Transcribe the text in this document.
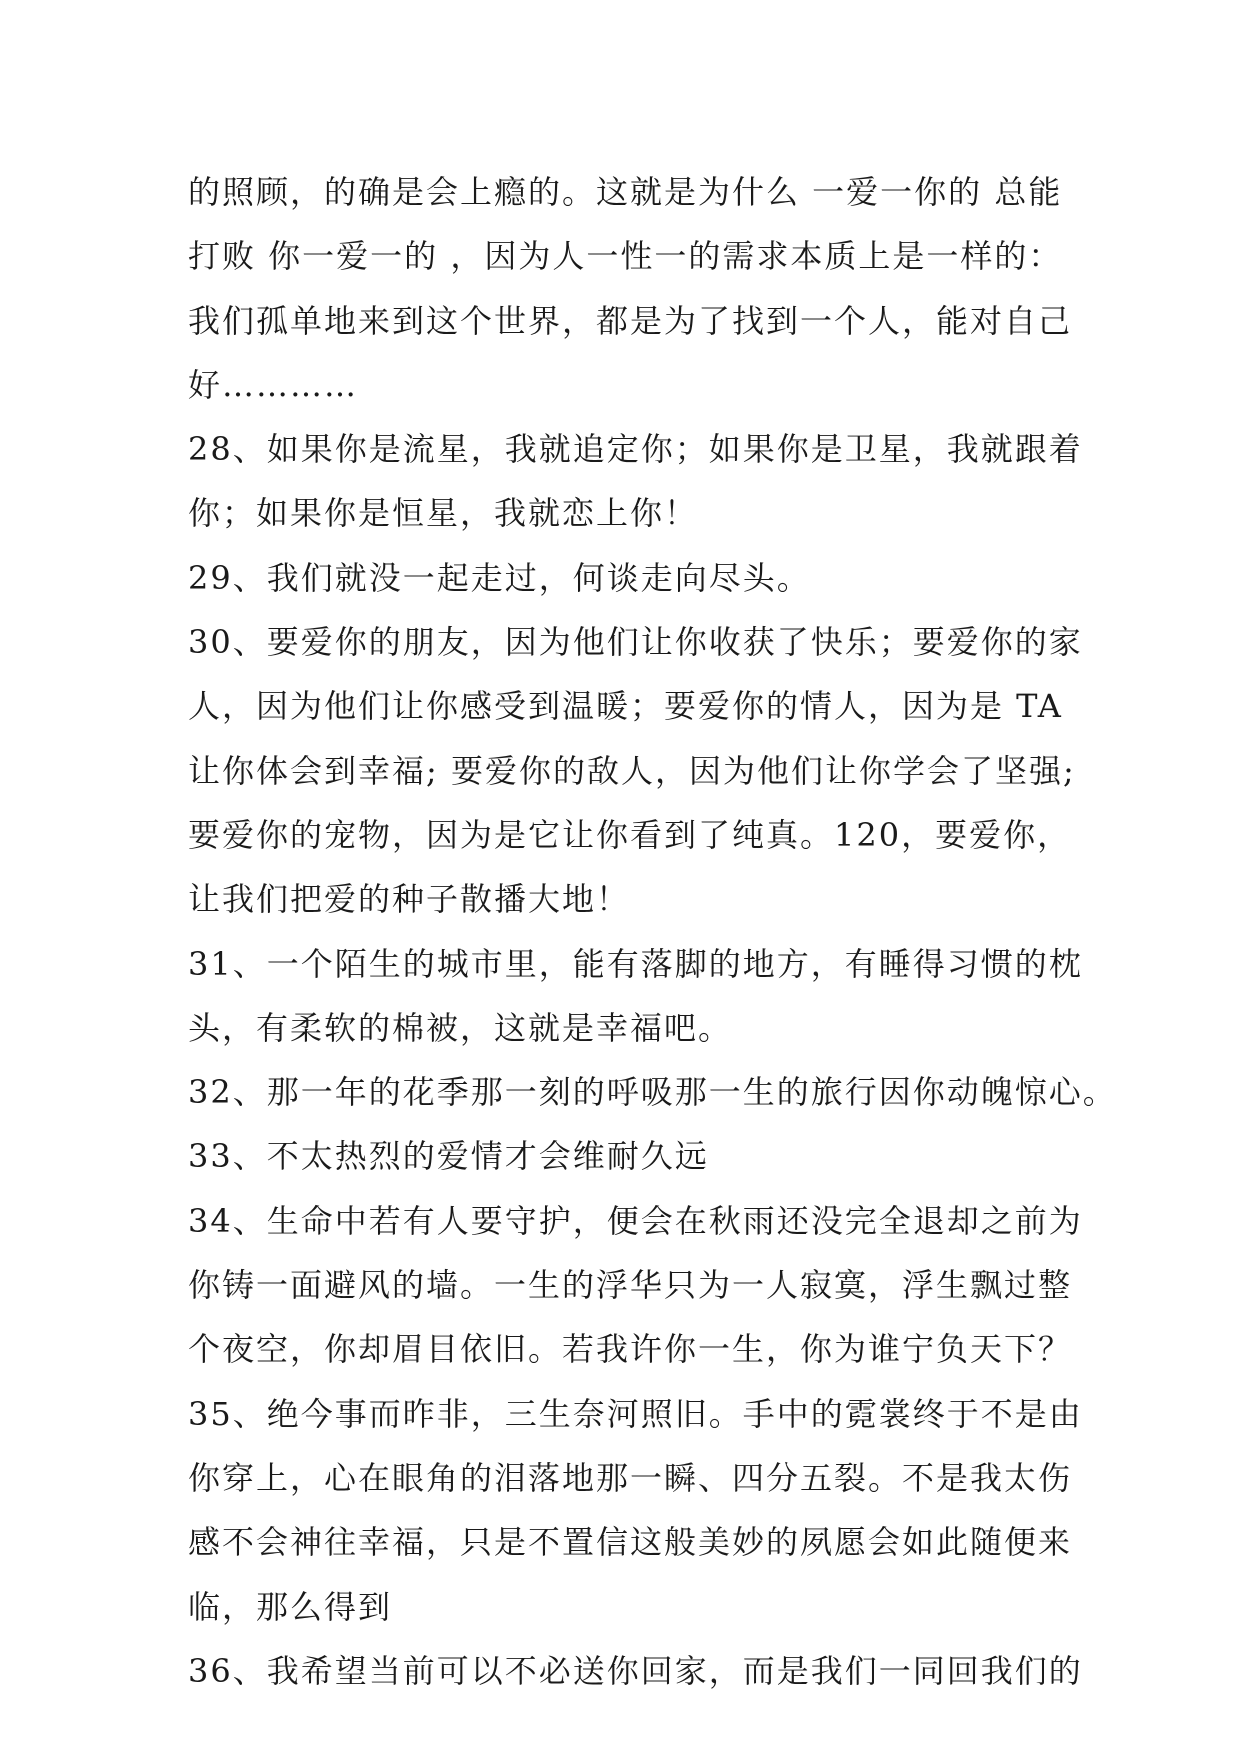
的照顾，的确是会上瘾的。这就是为什么 一爱一你的 总能
打败 你一爱一的 ，因为人一性一的需求本质上是一样的：
我们孤单地来到这个世界，都是为了找到一个人，能对自己
好…………
28、如果你是流星，我就追定你；如果你是卫星，我就跟着
你；如果你是恒星，我就恋上你！
29、我们就没一起走过，何谈走向尽头。
30、要爱你的朋友，因为他们让你收获了快乐；要爱你的家
人，因为他们让你感受到温暖；要爱你的情人，因为是 TA
让你体会到幸福; 要爱你的敌人，因为他们让你学会了坚强;
要爱你的宠物，因为是它让你看到了纯真。120，要爱你，
让我们把爱的种子散播大地！
31、一个陌生的城市里，能有落脚的地方，有睡得习惯的枕
头，有柔软的棉被，这就是幸福吧。
32、那一年的花季那一刻的呼吸那一生的旅行因你动魄惊心。
33、不太热烈的爱情才会维耐久远
34、生命中若有人要守护，便会在秋雨还没完全退却之前为
你铸一面避风的墙。一生的浮华只为一人寂寞，浮生飘过整
个夜空，你却眉目依旧。若我许你一生，你为谁宁负天下？
35、绝今事而昨非，三生奈河照旧。手中的霓裳终于不是由
你穿上，心在眼角的泪落地那一瞬、四分五裂。不是我太伤
感不会神往幸福，只是不置信这般美妙的夙愿会如此随便来
临，那么得到
36、我希望当前可以不必送你回家，而是我们一同回我们的
